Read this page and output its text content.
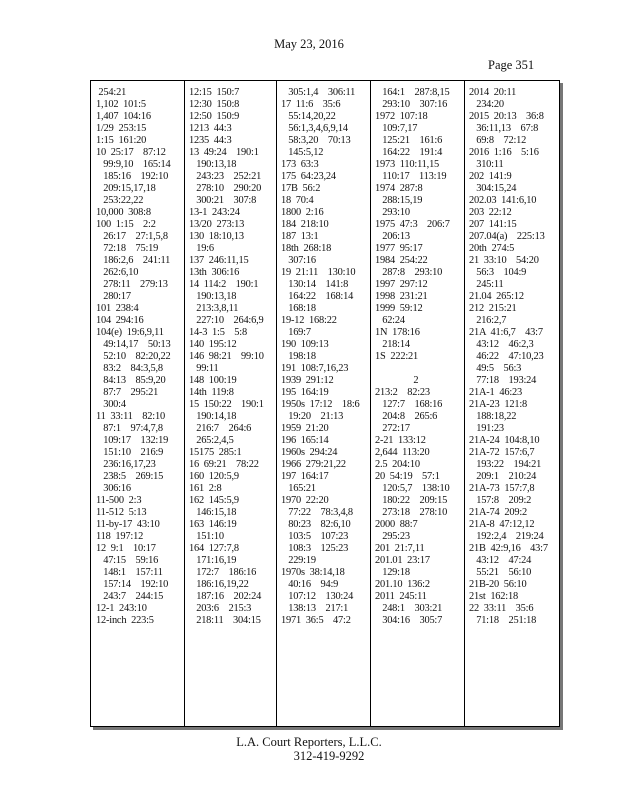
May 23, 2016
Page 351
254:21
1,102  101:5
1,407  104:16
1/29  253:15
1:15  161:20
10  25:17    87:12
99:9,10    165:14
185:16    192:10
209:15,17,18
253:22,22
10,000  308:8
100  1:15    2:2
26:17    27:1,5,8
72:18    75:19
186:2,6    241:11
262:6,10
278:11    279:13
280:17
101  238:4
104  294:16
104(e)  19:6,9,11
49:14,17    50:13
52:10    82:20,22
83:2    84:3,5,8
84:13    85:9,20
87:7    295:21
300:4
11  33:11    82:10
87:1    97:4,7,8
109:17    132:19
151:10    216:9
236:16,17,23
238:5    269:15
306:16
11-500  2:3
11-512  5:13
11-by-17  43:10
118  197:12
12  9:1    10:17
47:15    59:16
148:1    157:11
157:14    192:10
243:7    244:15
12-1  243:10
12-inch  223:5
12:15  150:7
12:30  150:8
12:50  150:9
1213  44:3
1235  44:3
13  49:24    190:1
190:13,18
243:23    252:21
278:10    290:20
300:21    307:8
13-1  243:24
13/20  273:13
130  18:10,13
19:6
137  246:11,15
13th  306:16
14  114:2    190:1
190:13,18
213:3,8,11
227:10    264:6,9
14-3  1:5    5:8
140  195:12
146  98:21    99:10
99:11
148  100:19
14th  119:8
15  150:22    190:1
190:14,18
216:7    264:6
265:2,4,5
15175  285:1
16  69:21    78:22
160  120:5,9
161  2:8
162  145:5,9
146:15,18
163  146:19
151:10
164  127:7,8
171:16,19
172:7    186:16
186:16,19,22
187:16    202:24
203:6    215:3
218:11    304:15
305:1,4    306:11
17  11:6    35:6
55:14,20,22
56:1,3,4,6,9,14
58:3,20    70:13
145:5,12
173  63:3
175  64:23,24
17B  56:2
18  70:4
1800  2:16
184  218:10
187  13:1
18th  268:18
307:16
19  21:11    130:10
130:14    141:8
164:22    168:14
168:18
19-12  168:22
169:7
190  109:13
198:18
191  108:7,16,23
1939  291:12
195  164:19
1950s  17:12    18:6
19:20    21:13
1959  21:20
196  165:14
1960s  294:24
1966  279:21,22
197  164:17
165:21
1970  22:20
77:22    78:3,4,8
80:23    82:6,10
103:5    107:23
108:3    125:23
229:19
1970s  38:14,18
40:16    94:9
107:12    130:24
138:13    217:1
1971  36:5    47:2
164:1    287:8,15
293:10    307:16
1972  107:18
109:7,17
125:21    161:6
164:22    191:4
1973  110:11,15
110:17    113:19
1974  287:8
288:15,19
293:10
1975  47:3    206:7
206:13
1977  95:17
1984  254:22
287:8    293:10
1997  297:12
1998  231:21
1999  59:12
62:24
1N  178:16
218:14
1S  222:21
2
213:2    82:23
127:7    168:16
204:8    265:6
272:17
2-21  133:12
2,644  113:20
2.5  204:10
20  54:19    57:1
120:5,7    138:10
180:22    209:15
273:18    278:10
2000  88:7
295:23
201  21:7,11
201.01  23:17
129:18
201.10  136:2
2011  245:11
248:1    303:21
304:16    305:7
2014  20:11
234:20
2015  20:13    36:8
36:11,13    67:8
69:8    72:12
2016  1:16    5:16
310:11
202  141:9
304:15,24
202.03  141:6,10
203  22:12
207  141:15
207.04(a)    225:13
20th  274:5
21  33:10    54:20
56:3    104:9
245:11
21.04  265:12
212  215:21
216:2,7
21A  41:6,7    43:7
43:12    46:2,3
46:22    47:10,23
49:5    56:3
77:18    193:24
21A-1  46:23
21A-23  121:8
188:18,22
191:23
21A-24  104:8,10
21A-72  157:6,7
193:22    194:21
209:1    210:24
21A-73  157:7,8
157:8    209:2
21A-74  209:2
21A-8  47:12,12
192:2,4    219:24
21B  42:9,16    43:7
43:12    47:24
55:21    56:10
21B-20  56:10
21st  162:18
22  33:11    35:6
71:18    251:18
L.A. Court Reporters, L.L.C.
312-419-9292
